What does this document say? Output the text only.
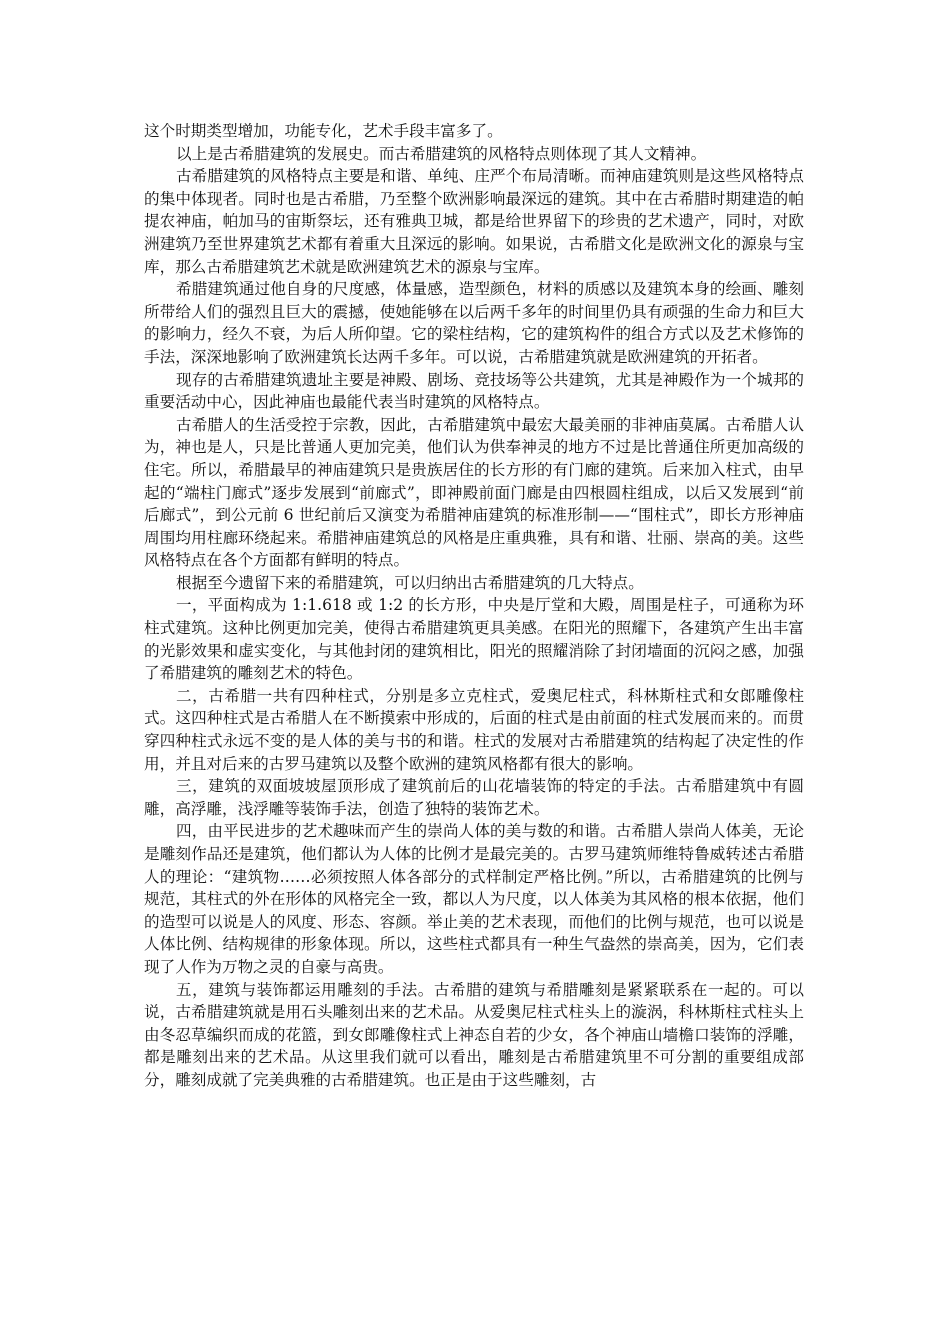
这个时期类型增加，功能专化，艺术手段丰富多了。

以上是古希腊建筑的发展史。而古希腊建筑的风格特点则体现了其人文精神。

古希腊建筑的风格特点主要是和谐、单纯、庄严个布局清晰。而神庙建筑则是这些风格特点的集中体现者。同时也是古希腊，乃至整个欧洲影响最深远的建筑。其中在古希腊时期建造的帕提农神庙，帕加马的宙斯祭坛，还有雅典卫城，都是给世界留下的珍贵的艺术遗产，同时，对欧洲建筑乃至世界建筑艺术都有着重大且深远的影响。如果说，古希腊文化是欧洲文化的源泉与宝库，那么古希腊建筑艺术就是欧洲建筑艺术的源泉与宝库。

希腊建筑通过他自身的尺度感，体量感，造型颜色，材料的质感以及建筑本身的绘画、雕刻所带给人们的强烈且巨大的震撼，使她能够在以后两千多年的时间里仍具有顽强的生命力和巨大的影响力，经久不衰，为后人所仰望。它的梁柱结构，它的建筑构件的组合方式以及艺术修饰的手法，深深地影响了欧洲建筑长达两千多年。可以说，古希腊建筑就是欧洲建筑的开拓者。

现存的古希腊建筑遗址主要是神殿、剧场、竞技场等公共建筑，尤其是神殿作为一个城邦的重要活动中心，因此神庙也最能代表当时建筑的风格特点。

古希腊人的生活受控于宗教，因此，古希腊建筑中最宏大最美丽的非神庙莫属。古希腊人认为，神也是人，只是比普通人更加完美，他们认为供奉神灵的地方不过是比普通住所更加高级的住宅。所以，希腊最早的神庙建筑只是贵族居住的长方形的有门廊的建筑。后来加入柱式，由早起的“端柱门廊式”逐步发展到“前廊式”，即神殿前面门廊是由四根圆柱组成，以后又发展到“前后廊式”，到公元前 6 世纪前后又演变为希腊神庙建筑的标准形制——“围柱式”，即长方形神庙周围均用柱廊环绕起来。希腊神庙建筑总的风格是庄重典雅，具有和谐、壮丽、崇高的美。这些风格特点在各个方面都有鲜明的特点。

根据至今遗留下来的希腊建筑，可以归纳出古希腊建筑的几大特点。

一，平面构成为 1:1.618 或 1:2 的长方形，中央是厅堂和大殿，周围是柱子，可通称为环柱式建筑。这种比例更加完美，使得古希腊建筑更具美感。在阳光的照耀下，各建筑产生出丰富的光影效果和虚实变化，与其他封闭的建筑相比，阳光的照耀消除了封闭墙面的沉闷之感，加强了希腊建筑的雕刻艺术的特色。

二，古希腊一共有四种柱式，分别是多立克柱式，爱奥尼柱式，科林斯柱式和女郎雕像柱式。这四种柱式是古希腊人在不断摸索中形成的，后面的柱式是由前面的柱式发展而来的。而贯穿四种柱式永远不变的是人体的美与书的和谐。柱式的发展对古希腊建筑的结构起了决定性的作用，并且对后来的古罗马建筑以及整个欧洲的建筑风格都有很大的影响。

三，建筑的双面坡坡屋顶形成了建筑前后的山花墙装饰的特定的手法。古希腊建筑中有圆雕，高浮雕，浅浮雕等装饰手法，创造了独特的装饰艺术。

四，由平民进步的艺术趣味而产生的崇尚人体的美与数的和谐。古希腊人崇尚人体美，无论是雕刻作品还是建筑，他们都认为人体的比例才是最完美的。古罗马建筑师维特鲁威转述古希腊人的理论：“建筑物……必须按照人体各部分的式样制定严格比例。”所以，古希腊建筑的比例与规范，其柱式的外在形体的风格完全一致，都以人为尺度，以人体美为其风格的根本依据，他们的造型可以说是人的风度、形态、容颜。举止美的艺术表现，而他们的比例与规范，也可以说是人体比例、结构规律的形象体现。所以，这些柱式都具有一种生气盎然的崇高美，因为，它们表现了人作为万物之灵的自豪与高贵。

五，建筑与装饰都运用雕刻的手法。古希腊的建筑与希腊雕刻是紧紧联系在一起的。可以说，古希腊建筑就是用石头雕刻出来的艺术品。从爱奥尼柱式柱头上的漩涡，科林斯柱式柱头上由冬忍草编织而成的花篮，到女郎雕像柱式上神态自若的少女，各个神庙山墙檐口装饰的浮雕，都是雕刻出来的艺术品。从这里我们就可以看出，雕刻是古希腊建筑里不可分割的重要组成部分，雕刻成就了完美典雅的古希腊建筑。也正是由于这些雕刻，古
